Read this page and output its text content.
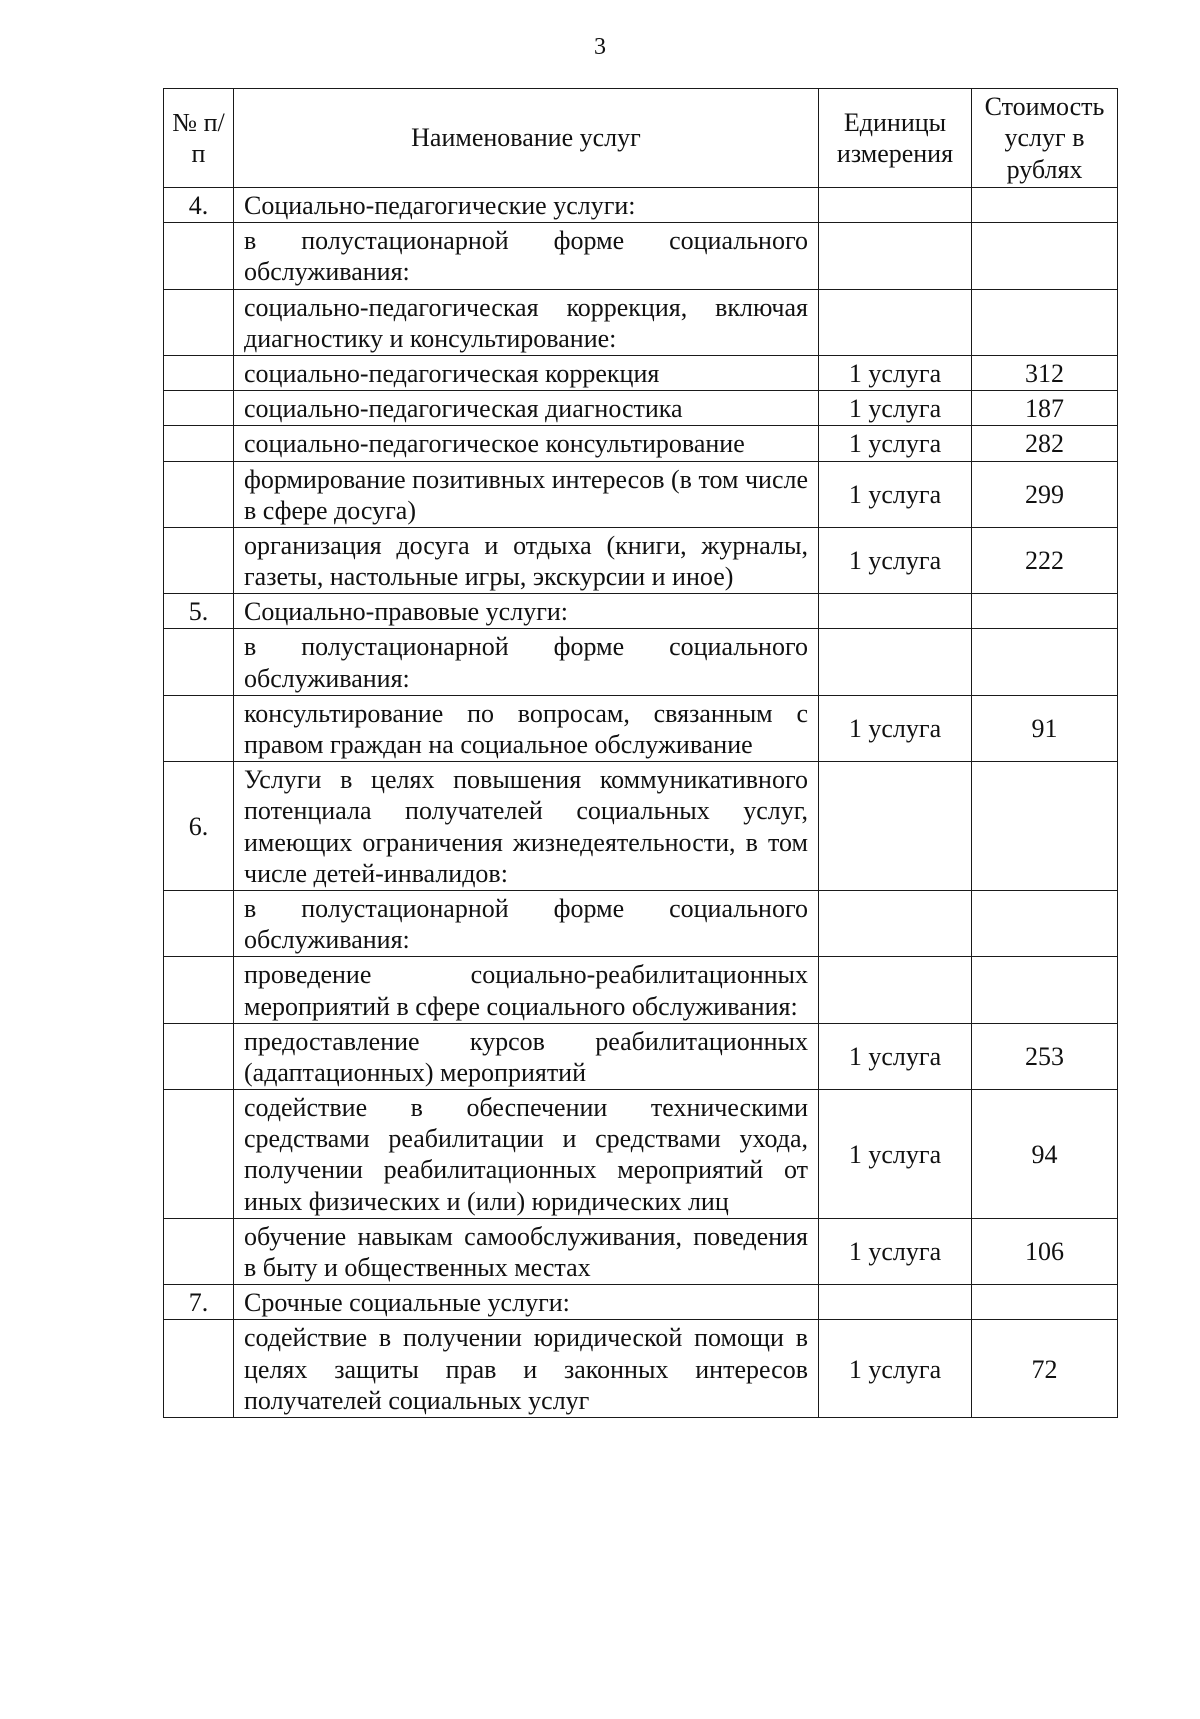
3
№ п/п	Наименование услуг	Единицы измерения	Стоимость услуг в рублях
4.	Социально-педагогические услуги:		
	в полустационарной форме социального обслуживания:		
	социально-педагогическая коррекция, включая диагностику и консультирование:		
	социально-педагогическая коррекция	1 услуга	312
	социально-педагогическая диагностика	1 услуга	187
	социально-педагогическое консультирование	1 услуга	282
	формирование позитивных интересов (в том числе в сфере досуга)	1 услуга	299
	организация досуга и отдыха (книги, журналы, газеты, настольные игры, экскурсии и иное)	1 услуга	222
5.	Социально-правовые услуги:		
	в полустационарной форме социального обслуживания:		
	консультирование по вопросам, связанным с правом граждан на социальное обслуживание	1 услуга	91
6.	Услуги в целях повышения коммуникативного потенциала получателей социальных услуг, имеющих ограничения жизнедеятельности, в том числе детей-инвалидов:		
	в полустационарной форме социального обслуживания:		
	проведение социально-реабилитационных мероприятий в сфере социального обслуживания:		
	предоставление курсов реабилитационных (адаптационных) мероприятий	1 услуга	253
	содействие в обеспечении техническими средствами реабилитации и средствами ухода, получении реабилитационных мероприятий от иных физических и (или) юридических лиц	1 услуга	94
	обучение навыкам самообслуживания, поведения в быту и общественных местах	1 услуга	106
7.	Срочные социальные услуги:		
	содействие в получении юридической помощи в целях защиты прав и законных интересов получателей социальных услуг	1 услуга	72
